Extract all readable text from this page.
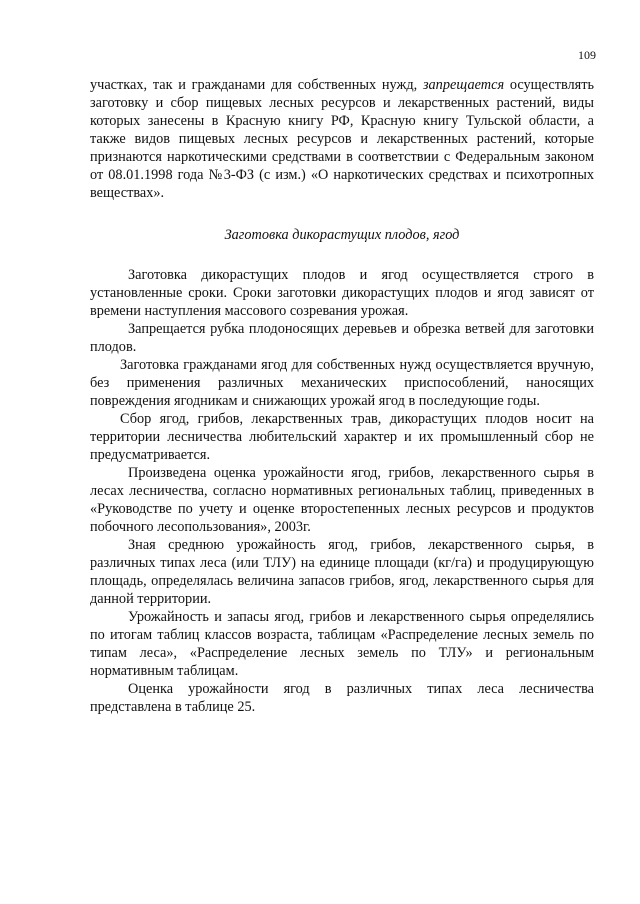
109

участках, так и гражданами для собственных нужд, запрещается осуществлять заготовку и сбор пищевых лесных ресурсов и лекарственных растений, виды которых занесены в Красную книгу РФ, Красную книгу Тульской области, а также видов пищевых лесных ресурсов и лекарственных растений, которые признаются наркотическими средствами в соответствии с Федеральным законом от 08.01.1998 года №3-ФЗ (с изм.) «О наркотических средствах и психотропных веществах».

Заготовка дикорастущих плодов, ягод

Заготовка дикорастущих плодов и ягод осуществляется строго в установленные сроки. Сроки заготовки дикорастущих плодов и ягод зависят от времени наступления массового созревания урожая.

Запрещается рубка плодоносящих деревьев и обрезка ветвей для заготовки плодов.

Заготовка гражданами ягод для собственных нужд осуществляется вручную, без применения различных механических приспособлений, наносящих повреждения ягодникам и снижающих урожай ягод в последующие годы.

Сбор ягод, грибов, лекарственных трав, дикорастущих плодов носит на территории лесничества любительский характер и их промышленный сбор не предусматривается.

Произведена оценка урожайности ягод, грибов, лекарственного сырья в лесах лесничества, согласно нормативных региональных таблиц, приведенных в «Руководстве по учету и оценке второстепенных лесных ресурсов и продуктов побочного лесопользования», 2003г.

Зная среднюю урожайность ягод, грибов, лекарственного сырья, в различных типах леса (или ТЛУ) на единице площади (кг/га) и продуцирующую площадь, определялась величина запасов грибов, ягод, лекарственного сырья для данной территории.

Урожайность и запасы ягод, грибов и лекарственного сырья определялись по итогам таблиц классов возраста, таблицам «Распределение лесных земель по типам леса», «Распределение лесных земель по ТЛУ» и региональным нормативным таблицам.

Оценка урожайности ягод в различных типах леса лесничества представлена в таблице 25.
